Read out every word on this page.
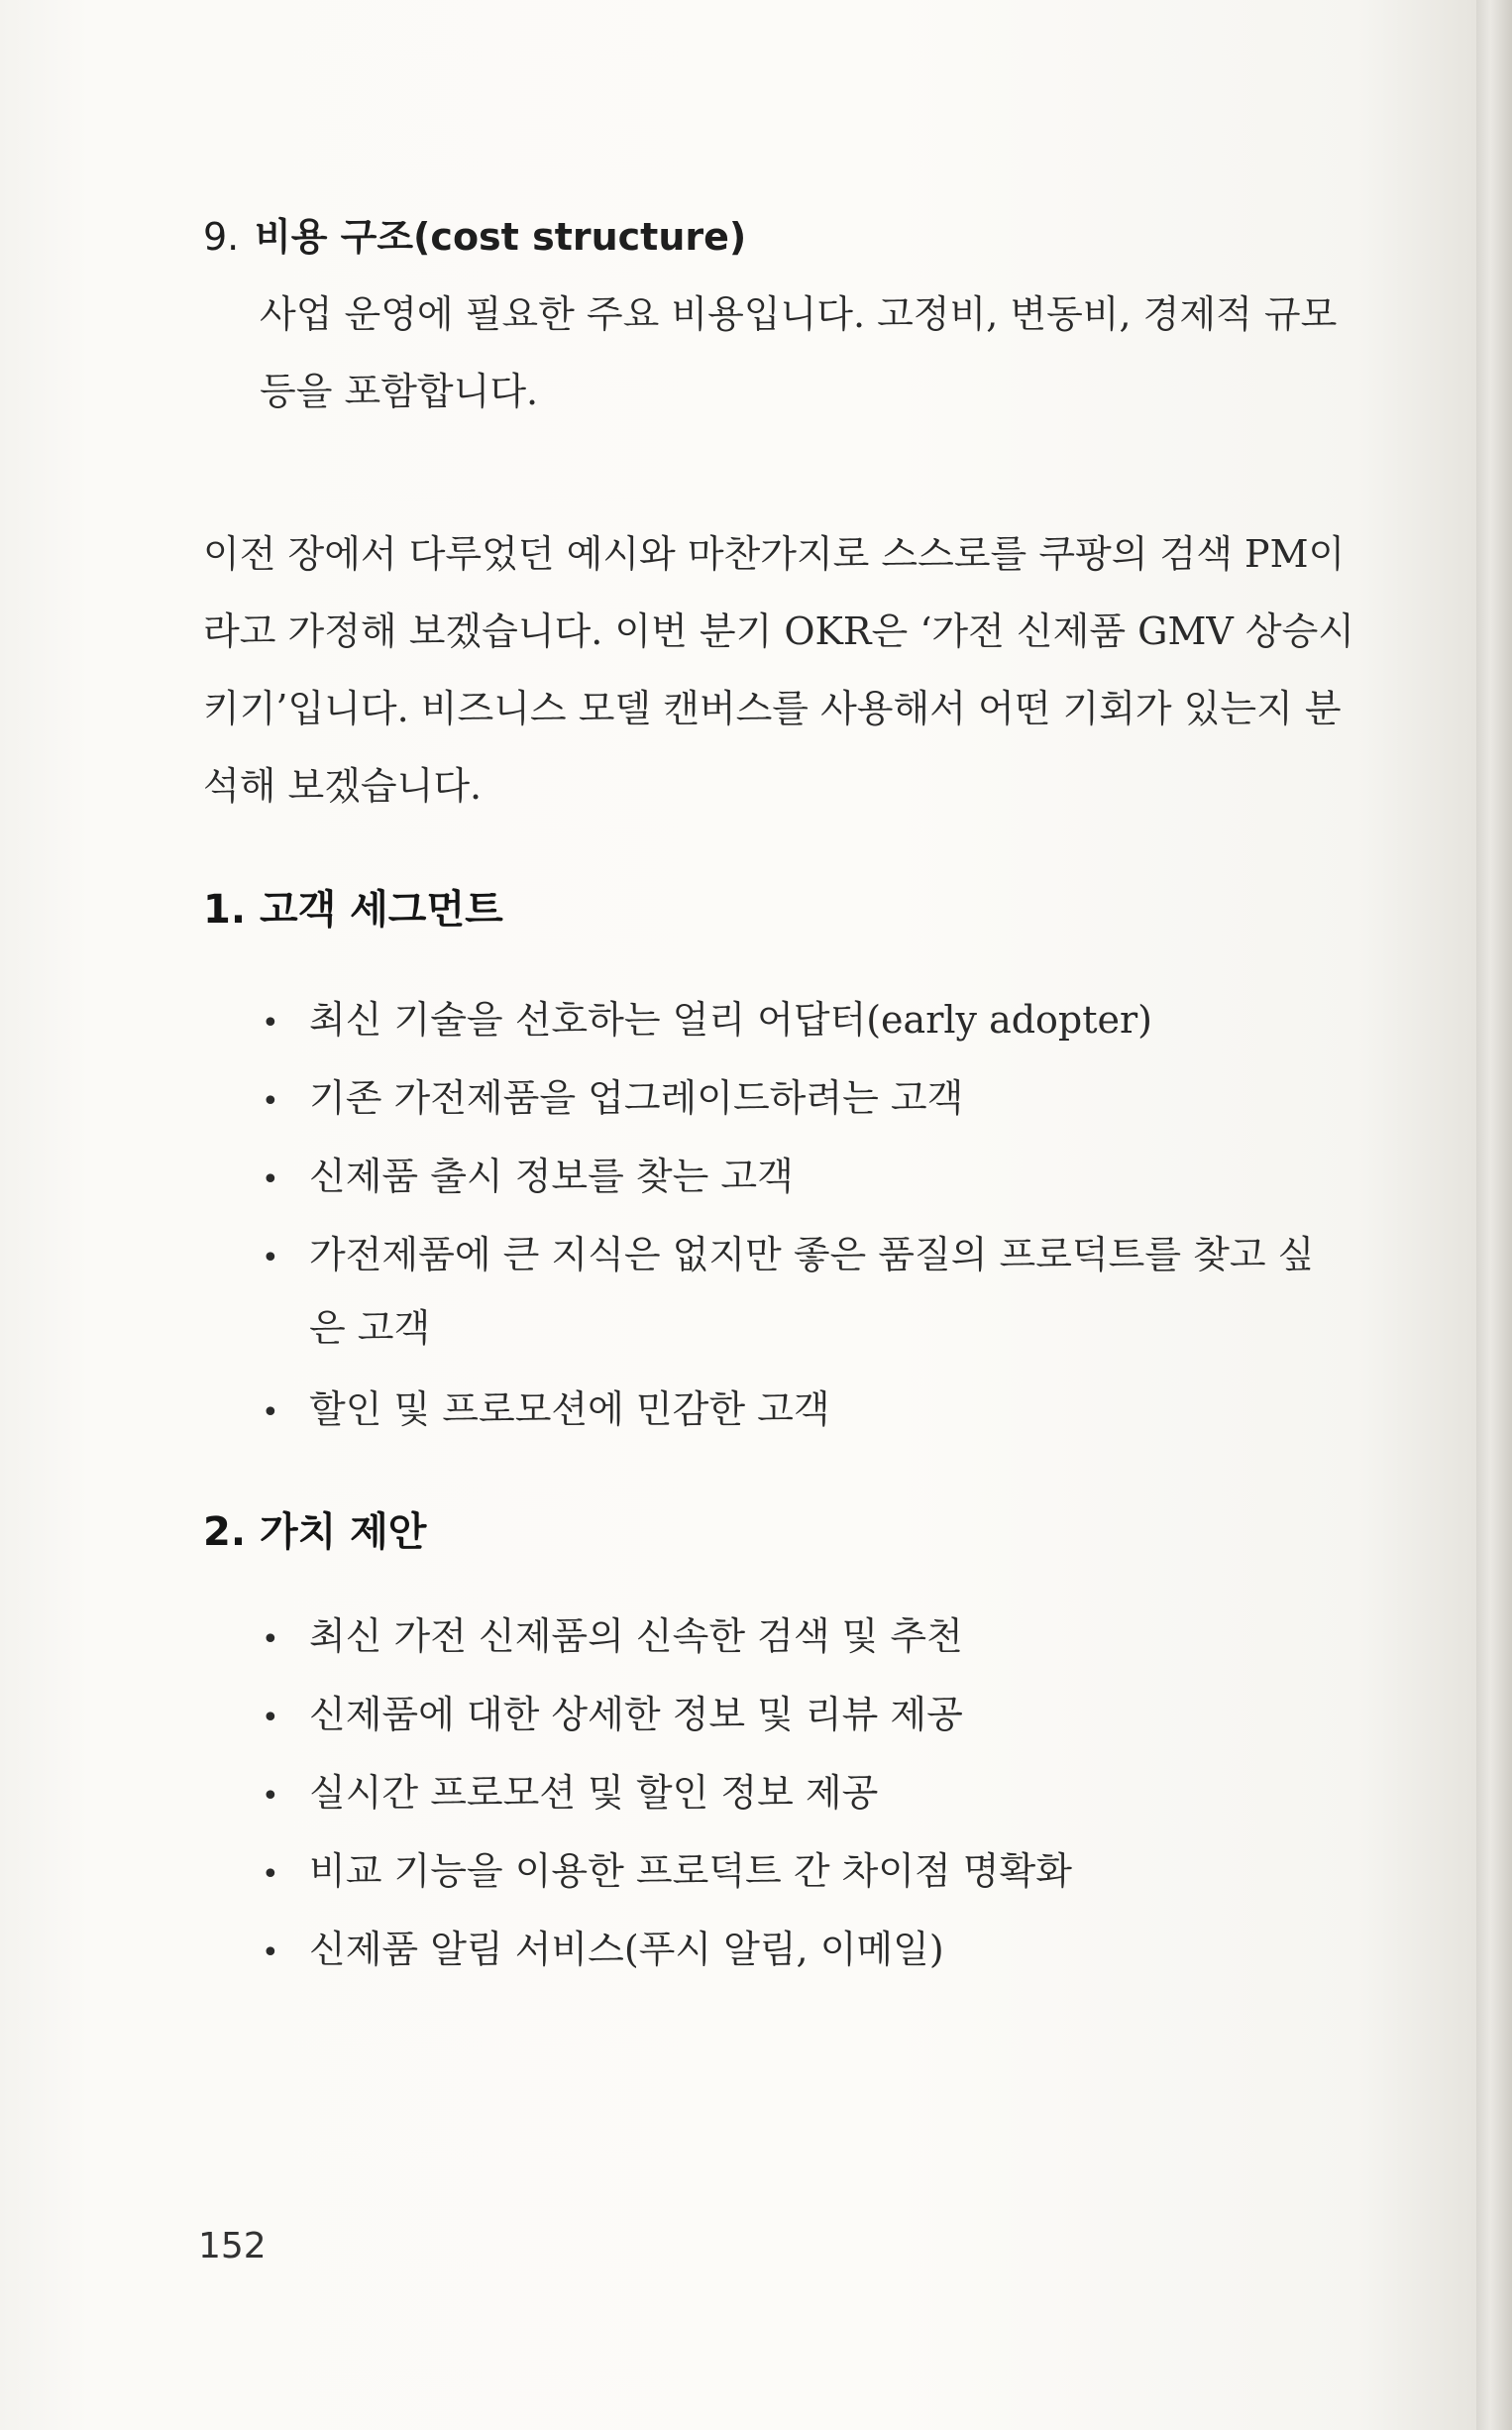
9. 비용 구조(cost structure)
사업 운영에 필요한 주요 비용입니다. 고정비, 변동비, 경제적 규모
등을 포함합니다.
이전 장에서 다루었던 예시와 마찬가지로 스스로를 쿠팡의 검색 PM이
라고 가정해 보겠습니다. 이번 분기 OKR은 ‘가전 신제품 GMV 상승시
키기’입니다. 비즈니스 모델 캔버스를 사용해서 어떤 기회가 있는지 분
석해 보겠습니다.
1. 고객 세그먼트
• 최신 기술을 선호하는 얼리 어답터(early adopter)
• 기존 가전제품을 업그레이드하려는 고객
• 신제품 출시 정보를 찾는 고객
• 가전제품에 큰 지식은 없지만 좋은 품질의 프로덕트를 찾고 싶
은 고객
• 할인 및 프로모션에 민감한 고객
2. 가치 제안
• 최신 가전 신제품의 신속한 검색 및 추천
• 신제품에 대한 상세한 정보 및 리뷰 제공
• 실시간 프로모션 및 할인 정보 제공
• 비교 기능을 이용한 프로덕트 간 차이점 명확화
• 신제품 알림 서비스(푸시 알림, 이메일)
152
